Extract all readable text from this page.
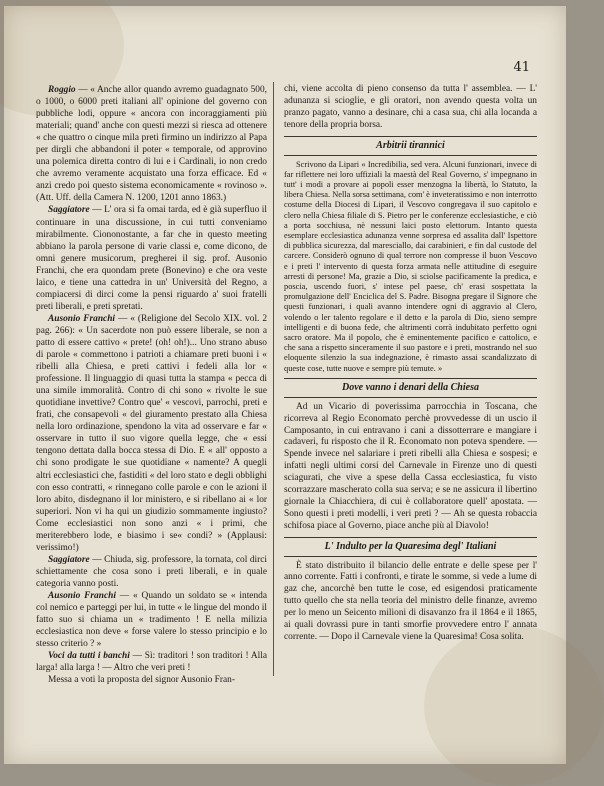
41

Roggio — « Anche allor quando avremo guadagnato 500, o 1000, o 6000 preti italiani all' opinione del governo con pubbliche lodi, oppure « ancora con incoraggiamenti più materiali; quand' anche con questi mezzi si riesca ad ottenere « che quattro o cinque mila preti firmino un indirizzo al Papa per dirgli che abbandoni il poter « temporale, od approvino una polemica diretta contro di lui e i Cardinali, io non credo che avremo veramente acquistato una forza efficace. Ed « anzi credo poi questo sistema economicamente « rovinoso ». (Att. Uff. della Camera N. 1200, 1201 anno 1863.)

Saggiatore — L' ora si fa omai tarda, ed è già superfluo il continuare in una discussione, in cui tutti conveniamo mirabilmente. Ciononostante, a far che in questo meeting abbiano la parola persone di varie classi e, come dicono, de omni genere musicorum, pregherei il sig. prof. Ausonio Franchi, che era quondam prete (Bonevino) e che ora veste laico, e tiene una cattedra in un' Università del Regno, a compiacersi di dirci come la pensi riguardo a' suoi fratelli preti liberali, e preti spretati.

Ausonio Franchi — « (Religione del Secolo XIX. vol. 2 pag. 266): « Un sacerdote non può essere liberale, se non a patto di essere cattivo « prete! (oh! oh!)... Uno strano abuso di parole « commettono i patrioti a chiamare preti buoni i « ribelli alla Chiesa, e preti cattivi i fedeli alla lor « professione. Il linguaggio di quasi tutta la stampa « pecca di una simile immoralità. Contro di chi sono « rivolte le sue quotidiane invettive? Contro que' « vescovi, parrochi, preti e frati, che consapevoli « del giuramento prestato alla Chiesa nella loro ordinazione, spendono la vita ad osservare e far « osservare in tutto il suo vigore quella legge, che « essi tengono dettata dalla bocca stessa di Dio. E « all' opposto a chi sono prodigate le sue quotidiane « namente? A quegli altri ecclesiastici che, fastiditi « del loro stato e degli obblighi con esso contratti, « rinnegano colle parole e con le azioni il loro abito, disdegnano il lor ministero, e si ribellano ai « lor superiori. Non vi ha qui un giudizio sommamente ingiusto? Come ecclesiastici non sono anzi « i primi, che meriterebbero lode, e biasimo i se« condi? » (Applausi: verissimo!)

Saggiatore — Chiuda, sig. professore, la tornata, col dirci schiettamente che cosa sono i preti liberali, e in quale categoria vanno posti.

Ausonio Franchi — « Quando un soldato se « intenda col nemico e parteggi per lui, in tutte « le lingue del mondo il fatto suo si chiama un « tradimento ! E nella milizia ecclesiastica non deve « forse valere lo stesso principio e lo stesso criterio ? »

Voci da tutti i banchi — Sì: traditori ! son traditori ! Alla larga! alla larga ! — Altro che veri preti !

Messa a voti la proposta del signor Ausonio Fran-

chi, viene accolta di pieno consenso da tutta l' assemblea. — L' adunanza si scioglie, e gli oratori, non avendo questa volta un pranzo pagato, vanno a desinare, chi a casa sua, chi alla locanda a tenore della propria borsa.

Arbitrii tirannici

Scrivono da Lipari « Incredibilia, sed vera. Alcuni funzionari, invece di far riflettere nei loro uffiziali la maestà del Real Governo, s' impegnano in tutt' i modi a provare ai popoli esser menzogna la libertà, lo Statuto, la libera Chiesa. Nella sorsa settimana, com' è inveteratissimo e non interrotto costume della Diocesi di Lipari, il Vescovo congregava il suo capitolo e clero nella Chiesa filiale di S. Pietro per le conferenze ecclesiastiche, e ciò a porta socchiusa, nè nessuni laici posto elettorum. Intanto questa esemplare ecclesiastica adunanza venne sorpresa ed assalita dall' Ispettore di pubblica sicurezza, dal maresciallo, dai carabinieri, e fin dal custode del carcere. Considerò ognuno di qual terrore non compresse il buon Vescovo e i preti l' intervento di questa forza armata nelle attitudine di eseguire arresti di persone! Ma, grazie a Dio, si sciolse pacificamente la predica, e poscia, uscendo fuori, s' intese pel paese, ch' erasi sospettata la promulgazione dell' Enciclica del S. Padre. Bisogna pregare il Signore che questi funzionari, i quali avanno intendere ogni di aggravio al Clero, volendo o ler talento regolare e il detto e la parola di Dio, sieno sempre intelligenti e di buona fede, che altrimenti corrà indubitato perfetto ogni sacro oratore. Ma il popolo, che è eminentemente pacifico e cattolico, e che sana a rispetto sinceramente il suo pastore e i preti, mostrando nel suo eloquente silenzio la sua indegnazione, è rimasto assai scandalizzato di queste cose, tutte nuove e sempre più temute. »

Dove vanno i denari della Chiesa

Ad un Vicario di poverissima parrocchia in Toscana, che ricorreva al Regio Economato perchè provvedesse di un uscio il Camposanto, in cui entravano i cani a dissotterrare e mangiare i cadaveri, fu risposto che il R. Economato non poteva spendere. — Spende invece nel salariare i preti ribelli alla Chiesa e sospesi; e infatti negli ultimi corsi del Carnevale in Firenze uno di questi sciagurati, che vive a spese della Cassa ecclesiastica, fu visto scorrazzare mascherato colla sua serva; e se ne assicura il libertino giornale la Chiacchiera, di cui è collaboratore quell' apostata. — Sono questi i preti modelli, i veri preti ? — Ah se questa robaccia schifosa piace al Governo, piace anche più al Diavolo!

L' Indulto per la Quaresima degl' Italiani

È stato distribuito il bilancio delle entrate e delle spese per l' anno corrente. Fatti i confronti, e tirate le somme, si vede a lume di gaz che, ancorchè ben tutte le cose, ed esigendosi praticamente tutto quello che sta nella teoria del ministro delle finanze, avremo per lo meno un Seicento milioni di disavanzo fra il 1864 e il 1865, ai quali dovrassi pure in tanti smorfie provvedere entro l' annata corrente. — Dopo il Carnevale viene la Quaresima! Cosa solita.
